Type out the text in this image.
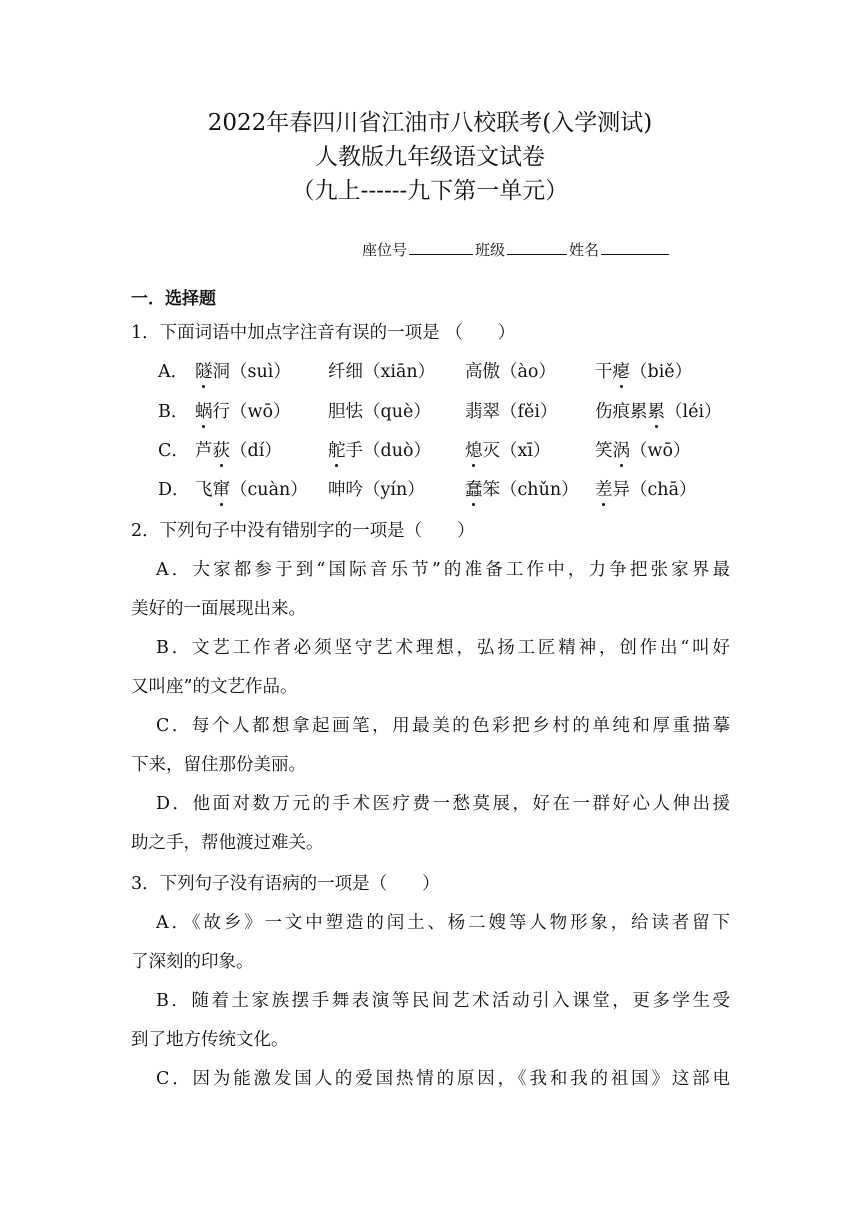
2022年春四川省江油市八校联考(入学测试)
人教版九年级语文试卷
（九上------九下第一单元）
座位号	班级	姓名
一．选择题
1．下面词语中加点字注音有误的一项是 （　　）
A． 隧洞（suì） 纤细（xiān） 高傲（ào） 干瘪（biě）
B． 蜗行（wō） 胆怯（què） 翡翠（fěi） 伤痕累累（léi）
C． 芦荻（dí）	舵手（duò） 熄灭（xī）	笑涡（wō）
D． 飞窜（cuàn） 呻吟（yín） 蠢笨（chǔn） 差异（chā）
2．下列句子中没有错别字的一项是（　　）
A．大家都参于到“国际音乐节”的准备工作中，力争把张家界最
美好的一面展现出来。
B．文艺工作者必须坚守艺术理想，弘扬工匠精神，创作出“叫好
又叫座”的文艺作品。
C．每个人都想拿起画笔，用最美的色彩把乡村的单纯和厚重描摹
下来，留住那份美丽。
D．他面对数万元的手术医疗费一愁莫展，好在一群好心人伸出援
助之手，帮他渡过难关。
3．下列句子没有语病的一项是（　　）
A．《故乡》一文中塑造的闰土、杨二嫂等人物形象，给读者留下
了深刻的印象。
B．随着土家族摆手舞表演等民间艺术活动引入课堂，更多学生受
到了地方传统文化。
C．因为能激发国人的爱国热情的原因，《我和我的祖国》这部电
